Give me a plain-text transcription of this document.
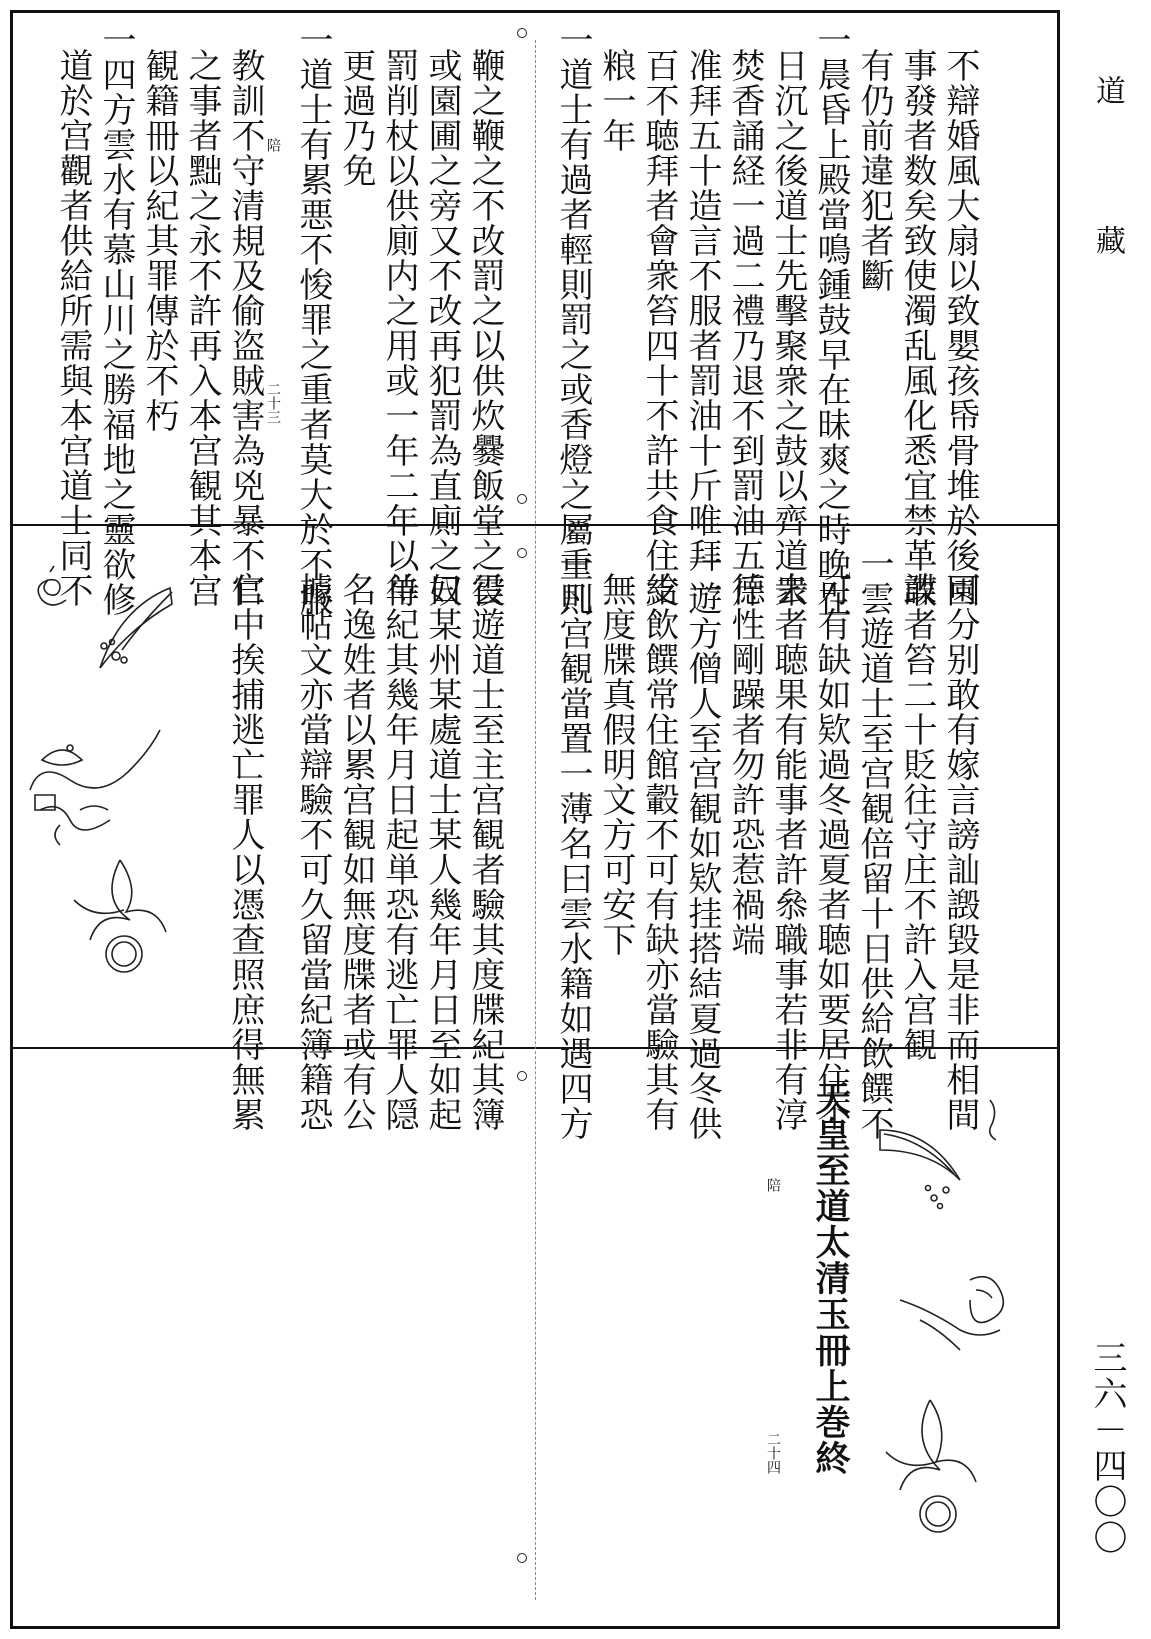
道
藏
三六－四〇〇
不辯婚風大扇以致嬰孩帋骨堆於後園
事發者数矣致使濁乱風化悉宜禁革敢
有仍前違犯者斷
一晨昏上殿當鳴鍾鼓早在昧爽之時晚在
日沉之後道士先擊聚衆之鼓以齊道衆
焚香誦経一過二禮乃退不到罰油五斤
准拜五十造言不服者罰油十斤唯拜一
百不聴拜者會衆笞四十不許共食住支
粮一年
一道士有過者輕則罰之或香燈之屬重則
鞭之鞭之不改罰之以供炊爨飯堂之役
或園圃之旁又不改再犯罰為直廁之奴
罰削杖以供廁内之用或一年二年以待
更過乃免
一道士有累悪不悛罪之重者莫大於不服
陪
二十三
教訓不守清規及偷盗賊害為兇暴不仁
之事者黜之永不許再入本宫観其本宫
観籍冊以紀其罪傳於不朽
一四方雲水有慕山川之勝福地之靈欲修
道於宫觀者供給所需與本宫道士同不
可分别敢有嫁言謗訕譭毀是非而相間
諜者笞二十貶往守庄不許入宫観
一雲遊道士至宫観倍留十日供給飲饌不
可有缺如欵過冬過夏者聴如要居住不
去者聴果有能事者許叅職事若非有淳
德性剛躁者勿許恐惹禍端
一遊方僧人至宫観如欵挂搭結夏過冬供
給飲饌常住館轂不可有缺亦當驗其有
無度牒真假明文方可安下
一凡宫観當置一薄名曰雲水籍如遇四方
雲遊道士至主宫観者驗其度牒紀其簿
曰某州某處道士某人幾年月日至如起
单紀其幾年月日起単恐有逃亡罪人隠
名逸姓者以累宫観如無度牒者或有公
據帖文亦當辯驗不可久留當紀簿籍恐
官中挨捕逃亡罪人以憑查照庶得無累
天皇至道太清玉冊上巻終
陪
二十四
